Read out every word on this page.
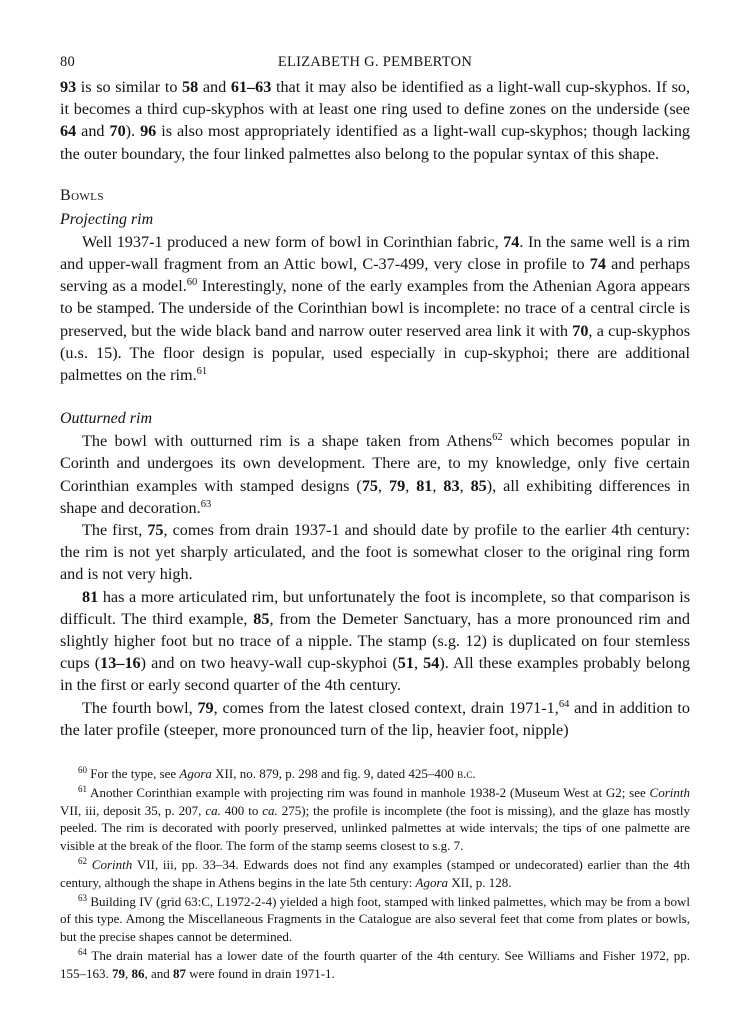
80	ELIZABETH G. PEMBERTON

93 is so similar to 58 and 61–63 that it may also be identified as a light-wall cup-skyphos. If so, it becomes a third cup-skyphos with at least one ring used to define zones on the underside (see 64 and 70). 96 is also most appropriately identified as a light-wall cup-skyphos; though lacking the outer boundary, the four linked palmettes also belong to the popular syntax of this shape.

Bowls
Projecting rim

Well 1937-1 produced a new form of bowl in Corinthian fabric, 74. In the same well is a rim and upper-wall fragment from an Attic bowl, C-37-499, very close in profile to 74 and perhaps serving as a model.$^{60}$ Interestingly, none of the early examples from the Athenian Agora appears to be stamped. The underside of the Corinthian bowl is incomplete: no trace of a central circle is preserved, but the wide black band and narrow outer reserved area link it with 70, a cup-skyphos (u.s. 15). The floor design is popular, used especially in cup-skyphoi; there are additional palmettes on the rim.$^{61}$

Outturned rim

The bowl with outturned rim is a shape taken from Athens$^{62}$ which becomes popular in Corinth and undergoes its own development. There are, to my knowledge, only five certain Corinthian examples with stamped designs (75, 79, 81, 83, 85), all exhibiting differences in shape and decoration.$^{63}$

The first, 75, comes from drain 1937-1 and should date by profile to the earlier 4th century: the rim is not yet sharply articulated, and the foot is somewhat closer to the original ring form and is not very high.

81 has a more articulated rim, but unfortunately the foot is incomplete, so that comparison is difficult. The third example, 85, from the Demeter Sanctuary, has a more pronounced rim and slightly higher foot but no trace of a nipple. The stamp (s.g. 12) is duplicated on four stemless cups (13–16) and on two heavy-wall cup-skyphoi (51, 54). All these examples probably belong in the first or early second quarter of the 4th century.

The fourth bowl, 79, comes from the latest closed context, drain 1971-1,64 and in addition to the later profile (steeper, more pronounced turn of the lip, heavier foot, nipple)

$^{60}$ For the type, see Agora XII, no. 879, p. 298 and fig. 9, dated 425–400 b.c.

$^{61}$ Another Corinthian example with projecting rim was found in manhole 1938-2 (Museum West at G2; see Corinth VII, iii, deposit 35, p. 207, ca. 400 to ca. 275); the profile is incomplete (the foot is missing), and the glaze has mostly peeled. The rim is decorated with poorly preserved, unlinked palmettes at wide intervals; the tips of one palmette are visible at the break of the floor. The form of the stamp seems closest to s.g. 7.

$^{62}$ Corinth VII, iii, pp. 33–34. Edwards does not find any examples (stamped or undecorated) earlier than the 4th century, although the shape in Athens begins in the late 5th century: Agora XII, p. 128.

$^{63}$ Building IV (grid 63:C, L1972-2-4) yielded a high foot, stamped with linked palmettes, which may be from a bowl of this type. Among the Miscellaneous Fragments in the Catalogue are also several feet that come from plates or bowls, but the precise shapes cannot be determined.

$^{64}$ The drain material has a lower date of the fourth quarter of the 4th century. See Williams and Fisher 1972, pp. 155–163. 79, 86, and 87 were found in drain 1971-1.
